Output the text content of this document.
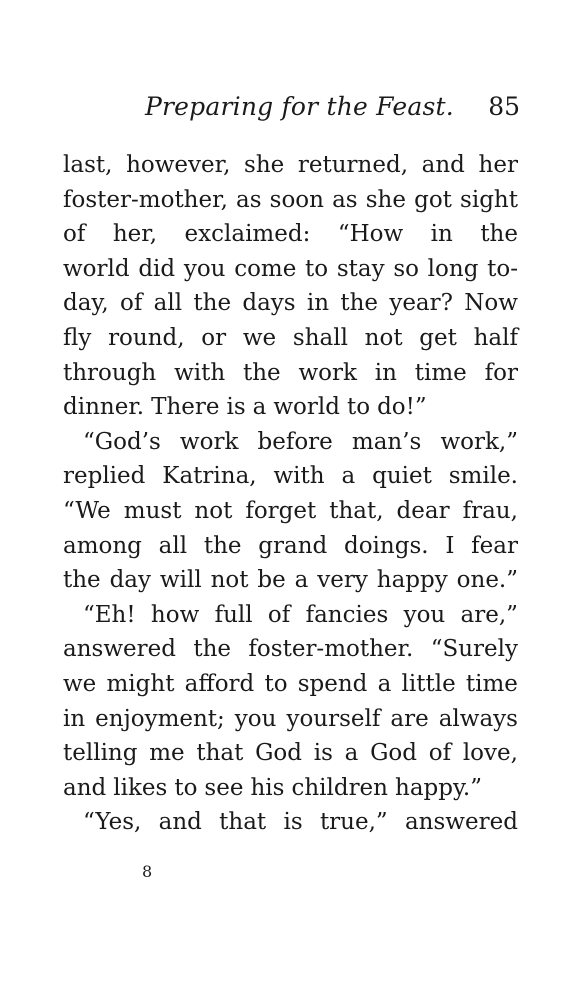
Preparing for the Feast. 85
last, however, she returned, and her
foster-mother, as soon as she got sight
of her, exclaimed: “How in the
world did you come to stay so long to-
day, of all the days in the year? Now
fly round, or we shall not get half
through with the work in time for
dinner. There is a world to do!”
“God’s work before man’s work,”
replied Katrina, with a quiet smile.
“We must not forget that, dear frau,
among all the grand doings. I fear
the day will not be a very happy one.”
“Eh! how full of fancies you are,”
answered the foster-mother. “Surely
we might afford to spend a little time
in enjoyment; you yourself are always
telling me that God is a God of love,
and likes to see his children happy.”
“Yes, and that is true,” answered
8
